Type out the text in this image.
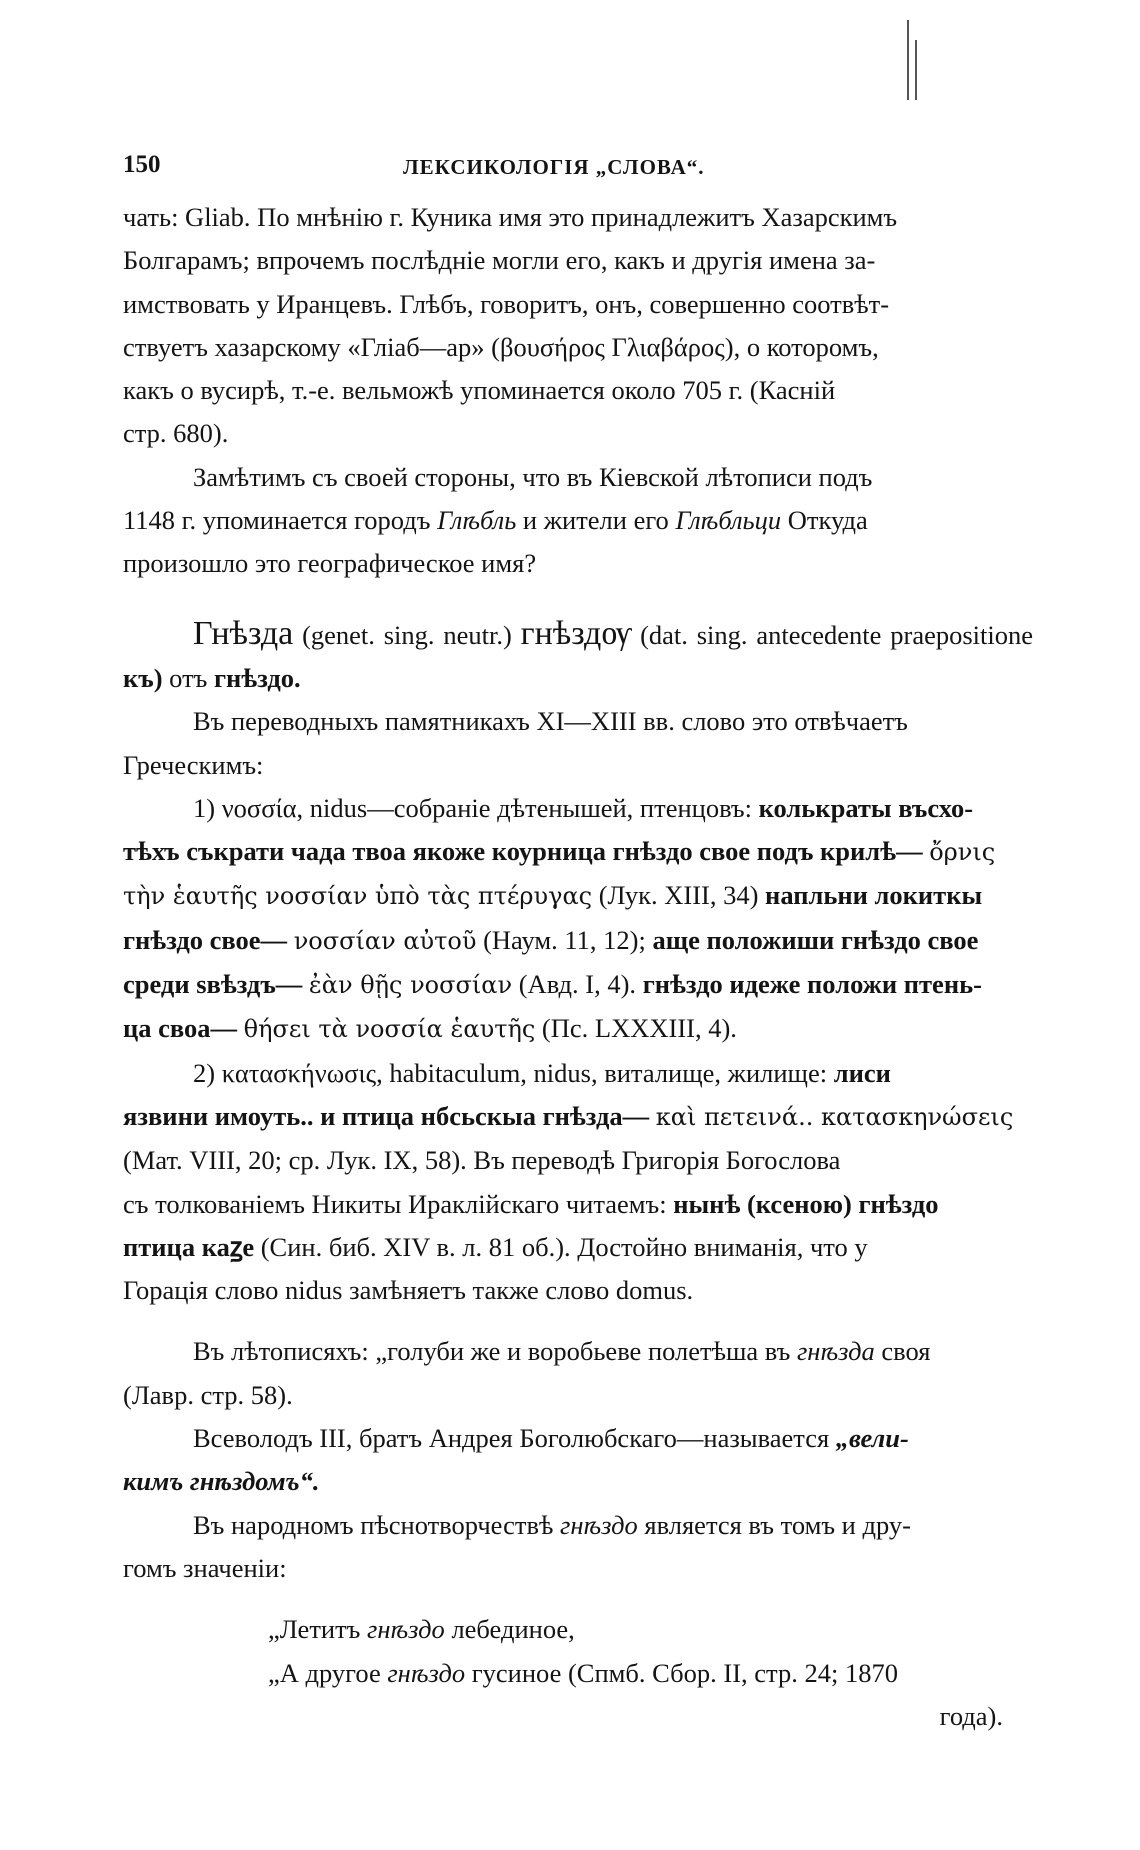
150	ЛЕКСИКОЛОГІЯ „СЛОВА“.

чать: Gliab. По мнѣнію г. Куника имя это принадлежитъ Хазарскимъ

Болгарамъ; впрочемъ послѣдніе могли его, какъ и другія имена за-

имствовать у Иранцевъ. Глѣбъ, говоритъ, онъ, совершенно соотвѣт-

ствуетъ хазарскому «Гліаб—ар» (βουσήρος Γλιαβάρος), о которомъ,

какъ о вусирѣ, т.-е. вельможѣ упоминается около 705 г. (Касній

стр. 680).

Замѣтимъ съ своей стороны, что въ Кіевской лѣтописи подъ

1148 г. упоминается городъ Глѣбль и жители его Глѣбльци Откуда

произошло это географическое имя?

Гнѣзда (genet. sing. neutr.) гнѣздѹ (dat. sing. antecedente praepositione къ) отъ гнѣздо.

Въ переводныхъ памятникахъ XI—XIII вв. слово это отвѣчаетъ

Греческимъ:

1) νοσσία, nidus—собраніе дѣтенышей, птенцовъ: колькраты въсхо-

тѣхъ съкрати чада твоа якоже коурница гнѣздо свое подъ крилѣ— ὄρνις

τὴν ἑαυτῆς νοσσίαν ὑπὸ τὰς πτέρυγας (Лук. XIII, 34) напльни локиткы

гнѣздо свое— νοσσίαν αὐτοῦ (Наум. 11, 12); аще положиши гнѣздо свое

среди ѕвѣздъ— ἐὰν θῇς νοσσίαν (Авд. I, 4). гнѣздо идеже положи птень-

ца своа— θήσει τὰ νοσσία ἑαυτῆς (Пс. LXXXIII, 4).

2) κατασκήνωσις, habitaculum, nidus, виталище, жилище: лиси

язвини имоуть.. и птица нбсьскыа гнѣзда— καὶ πετεινά.. κατασκηνώσεις

(Мат. VIII, 20; ср. Лук. IX, 58). Въ переводѣ Григорія Богослова

съ толкованіемъ Никиты Ираклійскаго читаемъ: нынѣ (ксеною) гнѣздо

птица каꙁе (Син. биб. XIV в. л. 81 об.). Достойно вниманія, что у

Горація слово nidus замѣняетъ также слово domus.

Въ лѣтописяхъ: „голуби же и воробьеве полетѣша въ гнѣзда своя

(Лавр. стр. 58).

Всеволодъ III, братъ Андрея Боголюбскаго—называется „вели-

кимъ гнѣздомъ“.

Въ народномъ пѣснотворчествѣ гнѣздо является въ томъ и дру-

гомъ значеніи:

„Летитъ гнѣздо лебединое,

„А другое гнѣздо гусиное (Спмб. Сбор. II, стр. 24; 1870

года).
